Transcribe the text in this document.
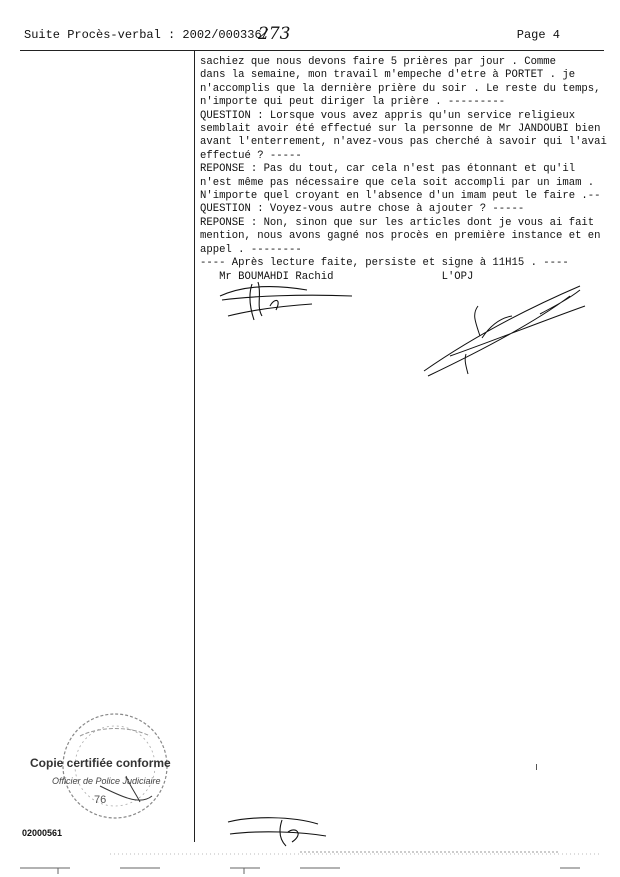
Suite Procès-verbal : 2002/000336/
273	Page 4
sachiez que nous devons faire 5 prières par jour . Comme
dans la semaine, mon travail m'empeche d'etre à PORTET . je
n'accomplis que la dernière prière du soir . Le reste du temps,
n'importe qui peut diriger la prière . ---------
QUESTION : Lorsque vous avez appris qu'un service religieux
semblait avoir été effectué sur la personne de Mr JANDOUBI bien
avant l'enterrement, n'avez-vous pas cherché à savoir qui l'avai
effectué ? -----
REPONSE : Pas du tout, car cela n'est pas étonnant et qu'il
n'est même pas nécessaire que cela soit accompli par un imam .
N'importe quel croyant en l'absence d'un imam peut le faire .--
QUESTION : Voyez-vous autre chose à ajouter ? -----
REPONSE : Non, sinon que sur les articles dont je vous ai fait
mention, nous avons gagné nos procès en première instance et en
appel . --------
---- Après lecture faite, persiste et signe à 11H15 . ----
Mr BOUMAHDI Rachid	L'OPJ
Copie certifiée conforme
Officier de Police Judiciaire
76
02000561
